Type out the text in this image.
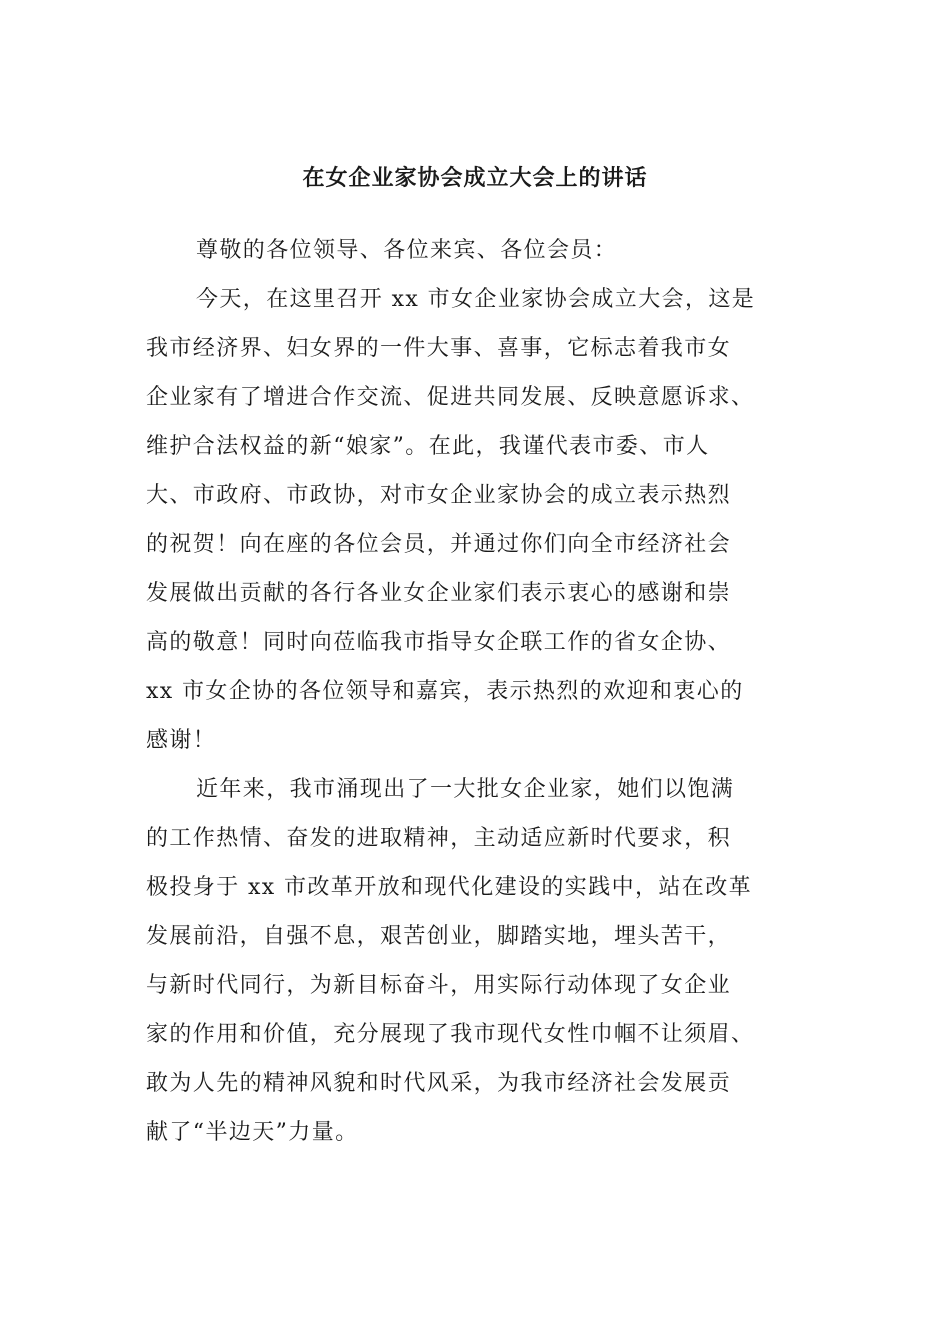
在女企业家协会成立大会上的讲话

尊敬的各位领导、各位来宾、各位会员：

今天，在这里召开 xx 市女企业家协会成立大会，这是
我市经济界、妇女界的一件大事、喜事，它标志着我市女
企业家有了增进合作交流、促进共同发展、反映意愿诉求、
维护合法权益的新“娘家”。在此，我谨代表市委、市人
大、市政府、市政协，对市女企业家协会的成立表示热烈
的祝贺！向在座的各位会员，并通过你们向全市经济社会
发展做出贡献的各行各业女企业家们表示衷心的感谢和崇
高的敬意！同时向莅临我市指导女企联工作的省女企协、
xx 市女企协的各位领导和嘉宾，表示热烈的欢迎和衷心的
感谢！

近年来，我市涌现出了一大批女企业家，她们以饱满
的工作热情、奋发的进取精神，主动适应新时代要求，积
极投身于 xx 市改革开放和现代化建设的实践中，站在改革
发展前沿，自强不息，艰苦创业，脚踏实地，埋头苦干，
与新时代同行，为新目标奋斗，用实际行动体现了女企业
家的作用和价值，充分展现了我市现代女性巾帼不让须眉、
敢为人先的精神风貌和时代风采，为我市经济社会发展贡
献了“半边天”力量。
